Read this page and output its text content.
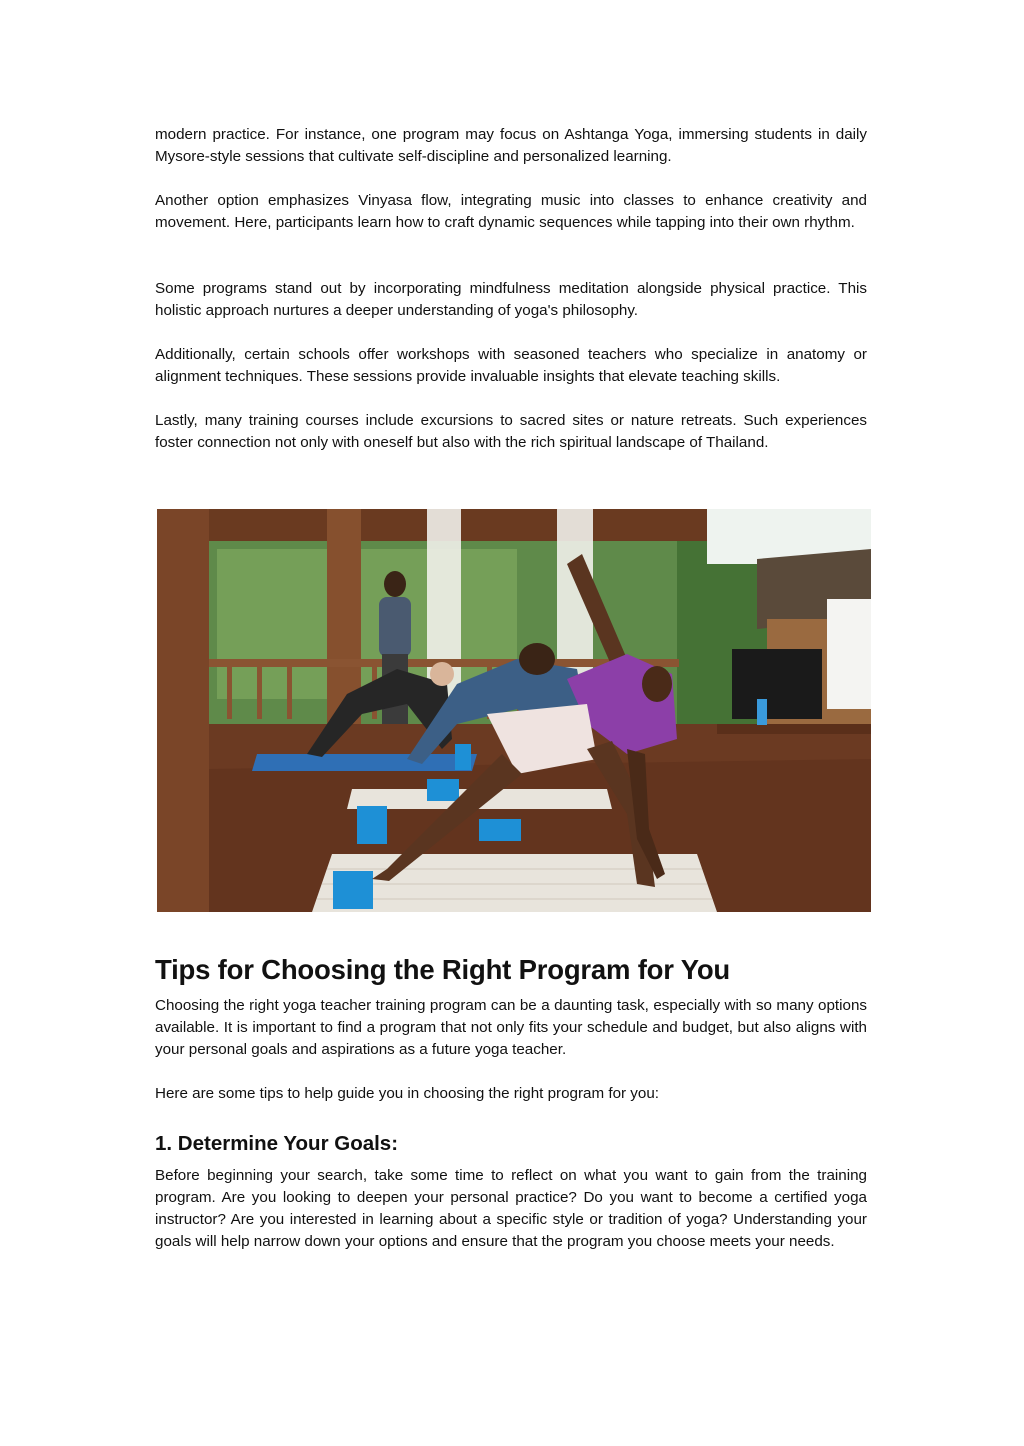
modern practice. For instance, one program may focus on Ashtanga Yoga, immersing students in daily Mysore-style sessions that cultivate self-discipline and personalized learning.

Another option emphasizes Vinyasa flow, integrating music into classes to enhance creativity and movement. Here, participants learn how to craft dynamic sequences while tapping into their own rhythm.

Some programs stand out by incorporating mindfulness meditation alongside physical practice. This holistic approach nurtures a deeper understanding of yoga's philosophy.

Additionally, certain schools offer workshops with seasoned teachers who specialize in anatomy or alignment techniques. These sessions provide invaluable insights that elevate teaching skills.

Lastly, many training courses include excursions to sacred sites or nature retreats. Such experiences foster connection not only with oneself but also with the rich spiritual landscape of Thailand.

Tips for Choosing the Right Program for You

Choosing the right yoga teacher training program can be a daunting task, especially with so many options available. It is important to find a program that not only fits your schedule and budget, but also aligns with your personal goals and aspirations as a future yoga teacher.

Here are some tips to help guide you in choosing the right program for you:

1. Determine Your Goals:

Before beginning your search, take some time to reflect on what you want to gain from the training program. Are you looking to deepen your personal practice? Do you want to become a certified yoga instructor? Are you interested in learning about a specific style or tradition of yoga? Understanding your goals will help narrow down your options and ensure that the program you choose meets your needs.
